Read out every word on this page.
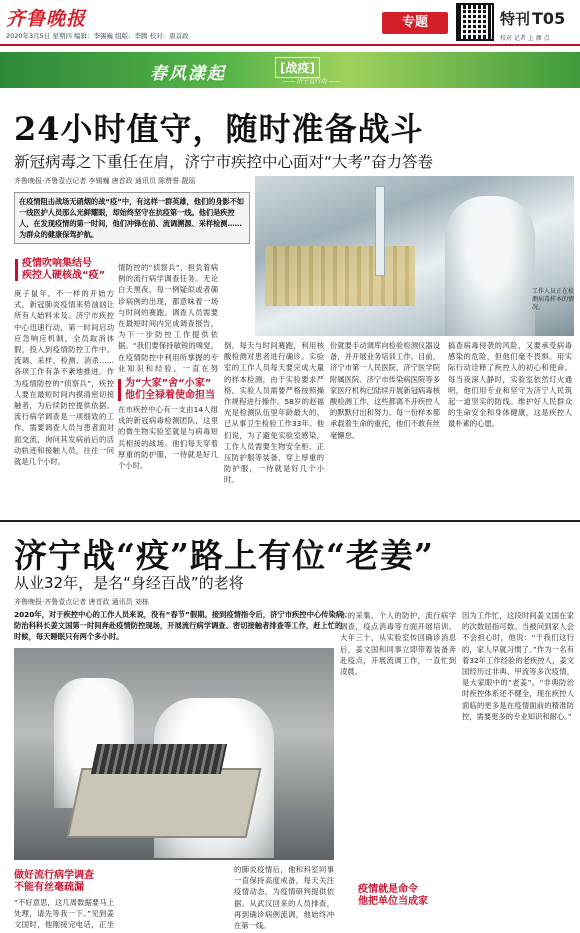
齐鲁晚报
2020年3月5日 星期四 编辑：李锡巍 组版：李腾 校对：唐首政
专题	特刊 T05
校对 记者 上 颜 点
春风漾起	[战疫]
—— 济宁直行动 ——
24小时值守，随时准备战斗
新冠病毒之下重任在肩，济宁市疾控中心面对“大考”奋力答卷
齐鲁晚报·齐鲁壹点记者 李锡巍 唐首政 通讯员 陈赞誉 靓瑶
在疫情阻击战场无硝烟的战“疫”中，有这样一群英雄，他们的身影不如一线医护人员那么光鲜耀眼，却始终坚守在抗疫第一线。他们是疾控人，在发现疫情的第一时间，他们冲锋在前、流调溯源、采样检测……为群众的健康保驾护航。
工作人员正在检测病毒样本的情况。
疫情吹响集结号
疾控人硬核战“疫”
庚子鼠年，不一样的开始方式，新冠肺炎疫情来势汹汹让所有人始料未及。济宁市疾控中心迅速行动，第一时间启动应急响应机制，全员取消休假，投入到疫情防控工作中。流调、采样、检测、消杀……各项工作有条不紊地推进。作为疫情防控的“侦察兵”，疾控人要在最短时间内摸清密切接触者，为后续防控提供依据。流行病学调查是一项细致的工作，需要调查人员与患者面对面交流，询问其发病前后的活动轨迹和接触人员，往往一问就是几个小时。
情防控的“侦察兵”，担负着病例的流行病学调查任务。无论白天黑夜，每一例疑似或者确诊病例的出现，都意味着一场与时间的赛跑。调查人员需要在最短时间内完成调查报告，为下一步防控工作提供依据。“我们要保持敏锐的嗅觉，在疫情防控中利用所掌握的专业知识和经验，一直在努
为“大家”舍“小家”
他们全禄着使命担当
在市疾控中心有一支由14人组成的新冠病毒检测团队，这里的微生物实验室就是与病毒短兵相接的战场。他们每天穿着厚重的防护服，一待就是好几个小时。
倒，每天与时间赛跑，利用核酸检测对患者进行确诊。实验室的工作人员每天要完成大量的样本检测，由于实验要求严格，实验人员需要严格按照操作规程进行操作。58岁的赵福光是检测队伍里年龄最大的，已从事卫生检验工作33年。他们说，为了避免实验室感染，工作人员需要生物安全柜、正压防护服等装备，穿上厚重的防护服，一待就是好几个小时。
份就要手动调库向检验检测仪器设备，并开展业务培训工作。目前，济宁市第一人民医院、济宁医学院附属医院、济宁市传染病医院等多家医疗机构已陆续开展新冠病毒核酸检测工作，这些都离不开疾控人的默默付出和努力。每一份样本都承载着生命的重托，他们不敢有丝毫懈怠。
搞查病毒侵袭的风险，又要承受病毒感染的危险，但他们毫不畏惧。用实际行动诠释了疾控人的初心和使命。每当夜深人静时，实验室依然灯火通明，他们用专业和坚守为济宁人民筑起一道坚实的防线。维护好人民群众的生命安全和身体健康，这是疾控人最朴素的心愿。
济宁战“疫”路上有位“老姜”
从业32年，是名“身经百战”的老将
齐鲁晚报·齐鲁壹点记者 唐首政 通讯员 刘栋
2020年，对于疾控中心的工作人员来说，没有“春节”假期。接到疫情指令后，济宁市疾控中心传染病防治科科长姜文国第一时间奔赴疫情防控现场，开展流行病学调查、密切接触者排查等工作，赶上忙的时候，每天睡眠只有两个多小时。
做好流行病学调查
不能有丝毫疏漏
“不好意思，这几周数据要马上处理，请先等我一下。”见到姜文国时，他刚接完电话，正坐
的肺炎疫情后，他和科室同事一直保持高度戒备，每天关注疫情动态，为疫情研判提供依据。从武汉回来的人员排查，再到确诊病例流调，他始终冲在第一线。
本的采集、个人的防护，流行病学调查，疫点消毒等方面开展培训。大年三十，从实验室传回确诊消息后，姜文国和同事立即带着装备奔赴疫点，开展流调工作，一直忙到凌晨。
疫情就是命令
他把单位当成家
因为工作忙，这段时间姜文国在家的次数屈指可数。当被问到家人会不会担心时，他说：“干我们这行的，家人早就习惯了。”作为一名有着32年工作经验的老疾控人，姜文国经历过非典、甲流等多次疫情，是大家眼中的“老姜”。“非典防治时疾控体系还不健全，现在疾控人面临的更多是在疫情面前的精准防控，需要更多的专业知识和耐心。”
